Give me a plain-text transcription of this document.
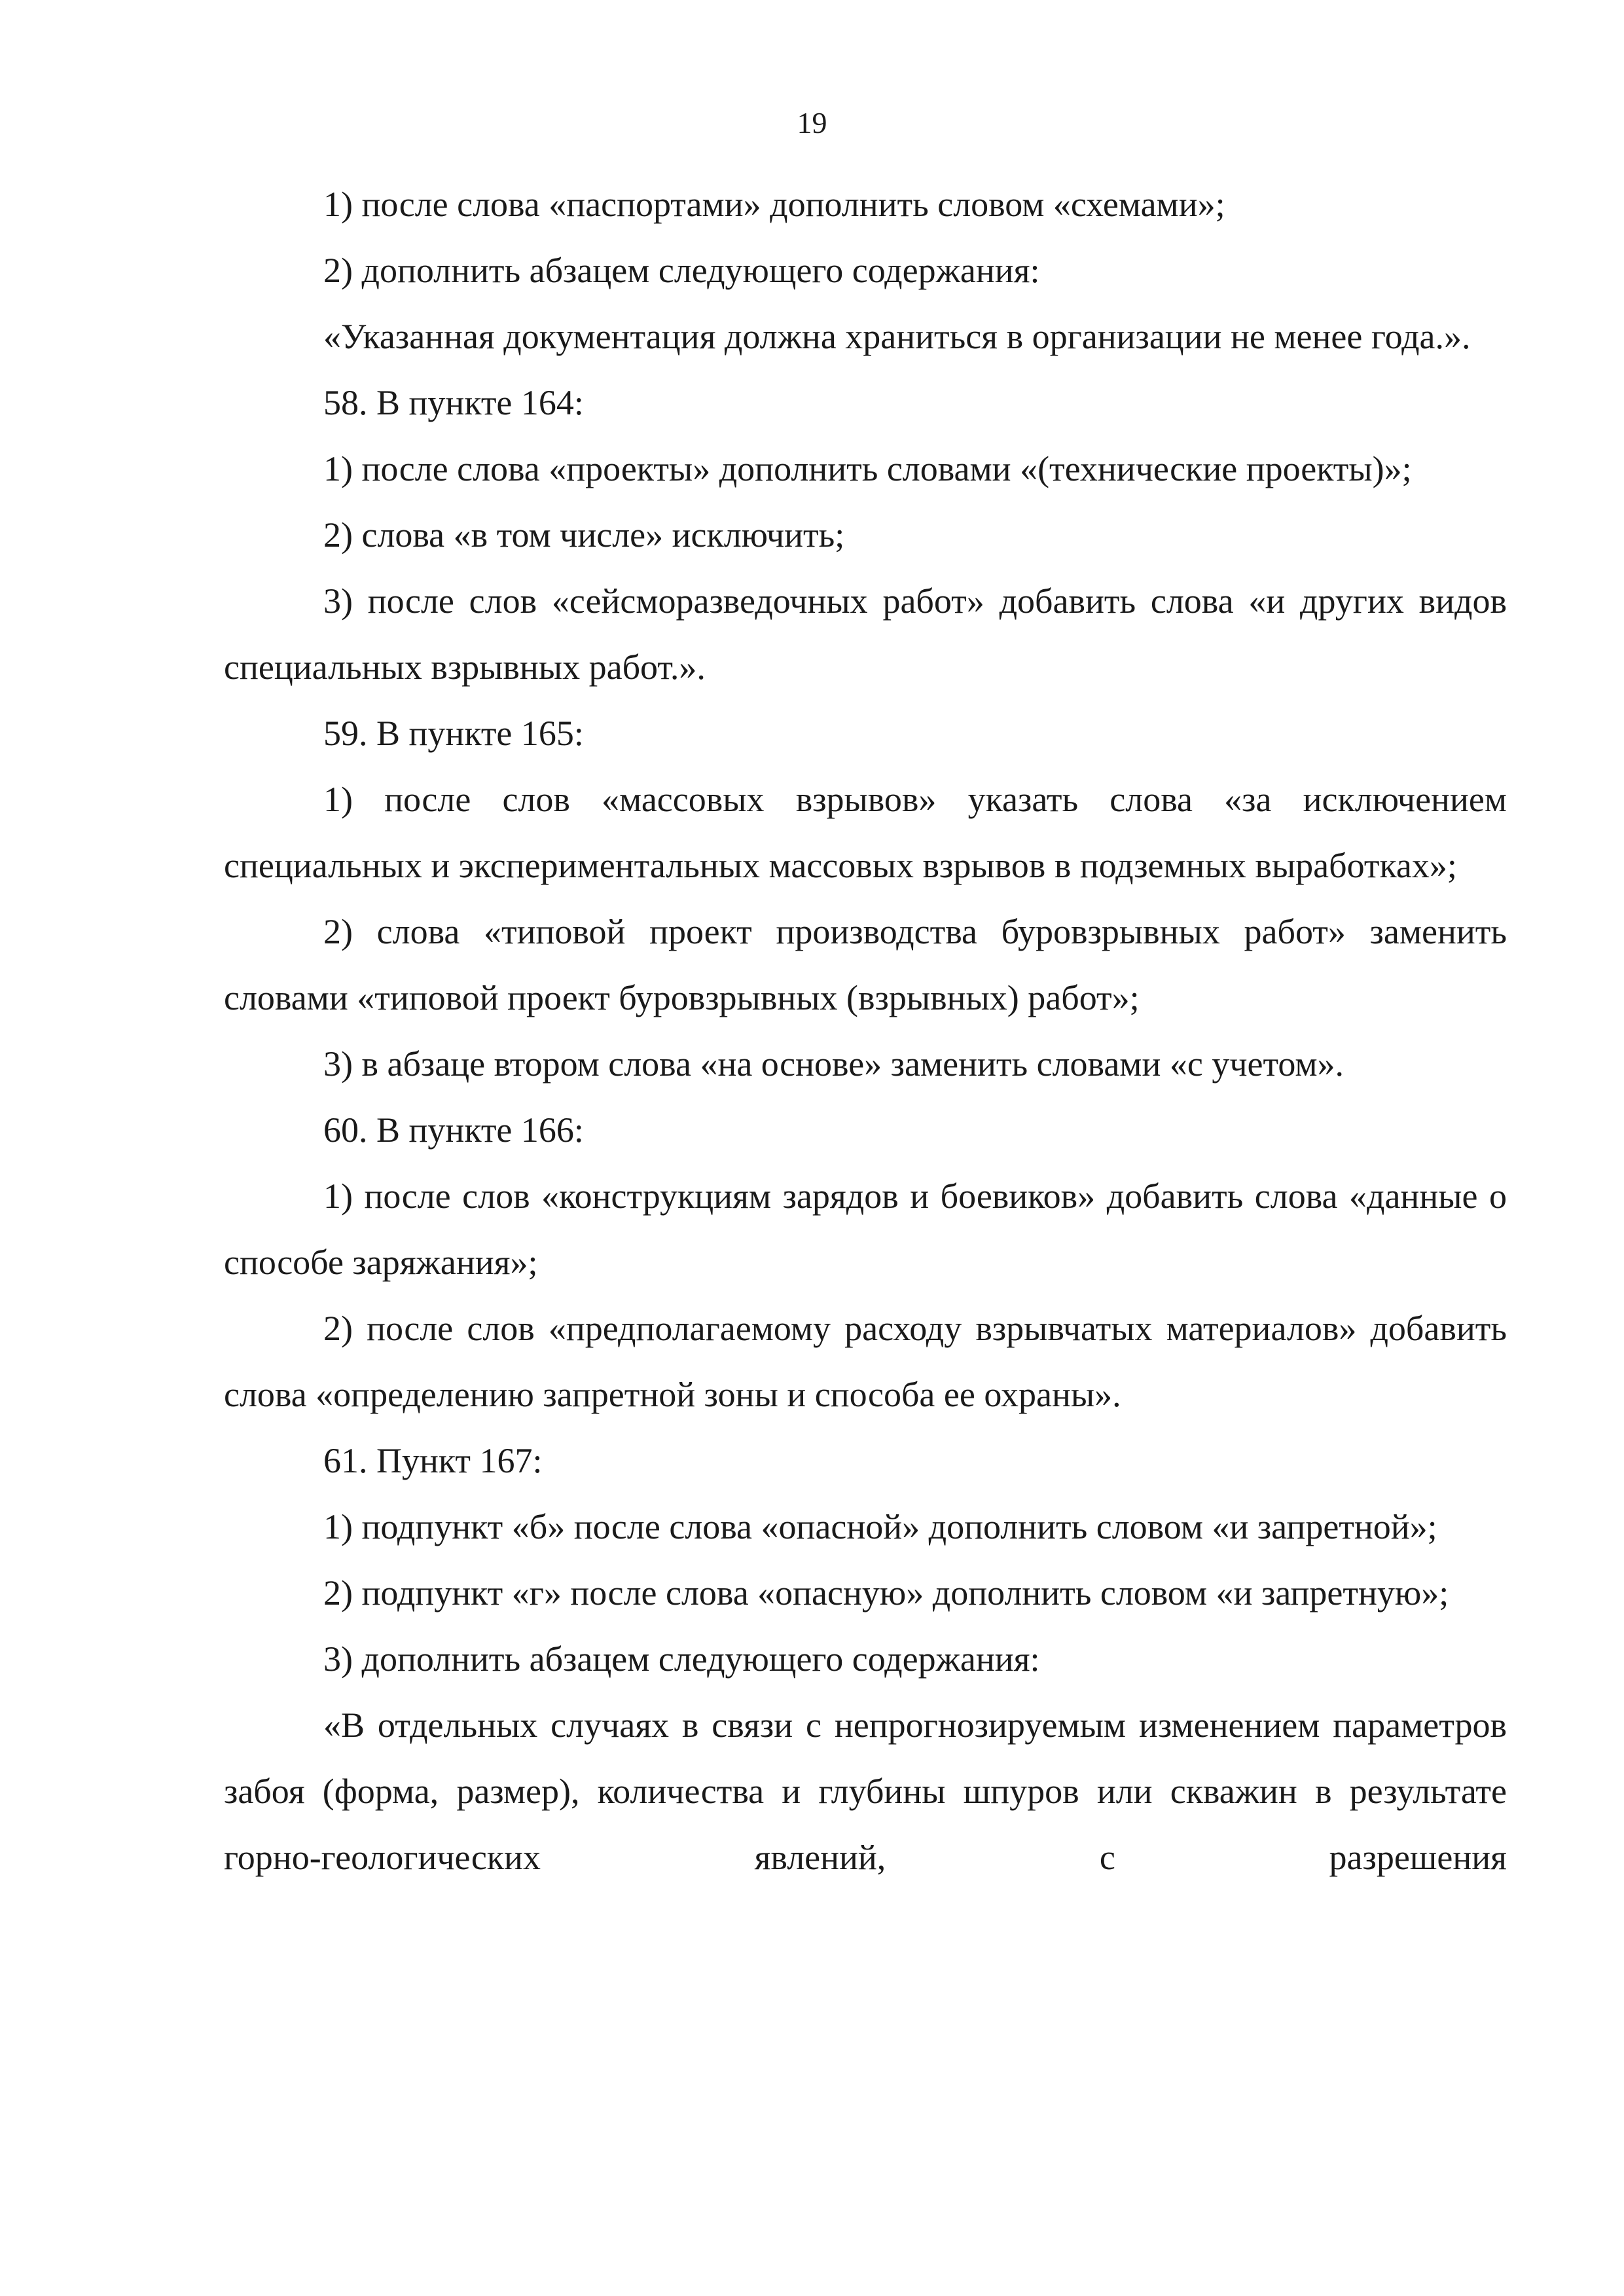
19

1) после слова «паспортами» дополнить словом «схемами»;

2) дополнить абзацем следующего содержания:

«Указанная документация должна храниться в организации не менее года.».

58. В пункте 164:

1) после слова «проекты» дополнить словами «(технические проекты)»;

2) слова «в том числе» исключить;

3) после слов «сейсморазведочных работ» добавить слова «и других видов специальных взрывных работ.».

59. В пункте 165:

1) после слов «массовых взрывов» указать слова «за исключением специальных и экспериментальных массовых взрывов в подземных выработках»;

2) слова «типовой проект производства буровзрывных работ» заменить словами «типовой проект буровзрывных (взрывных) работ»;

3) в абзаце втором слова «на основе» заменить словами «с учетом».

60. В пункте 166:

1) после слов «конструкциям зарядов и боевиков» добавить слова «данные о способе заряжания»;

2) после слов «предполагаемому расходу взрывчатых материалов» добавить слова «определению запретной зоны и способа ее охраны».

61. Пункт 167:

1) подпункт «б» после слова «опасной» дополнить словом «и запретной»;

2) подпункт «г» после слова «опасную» дополнить словом «и запретную»;

3) дополнить абзацем следующего содержания:

«В отдельных случаях в связи с непрогнозируемым изменением параметров забоя (форма, размер), количества и глубины шпуров или скважин в результате горно-геологических явлений, с разрешения
